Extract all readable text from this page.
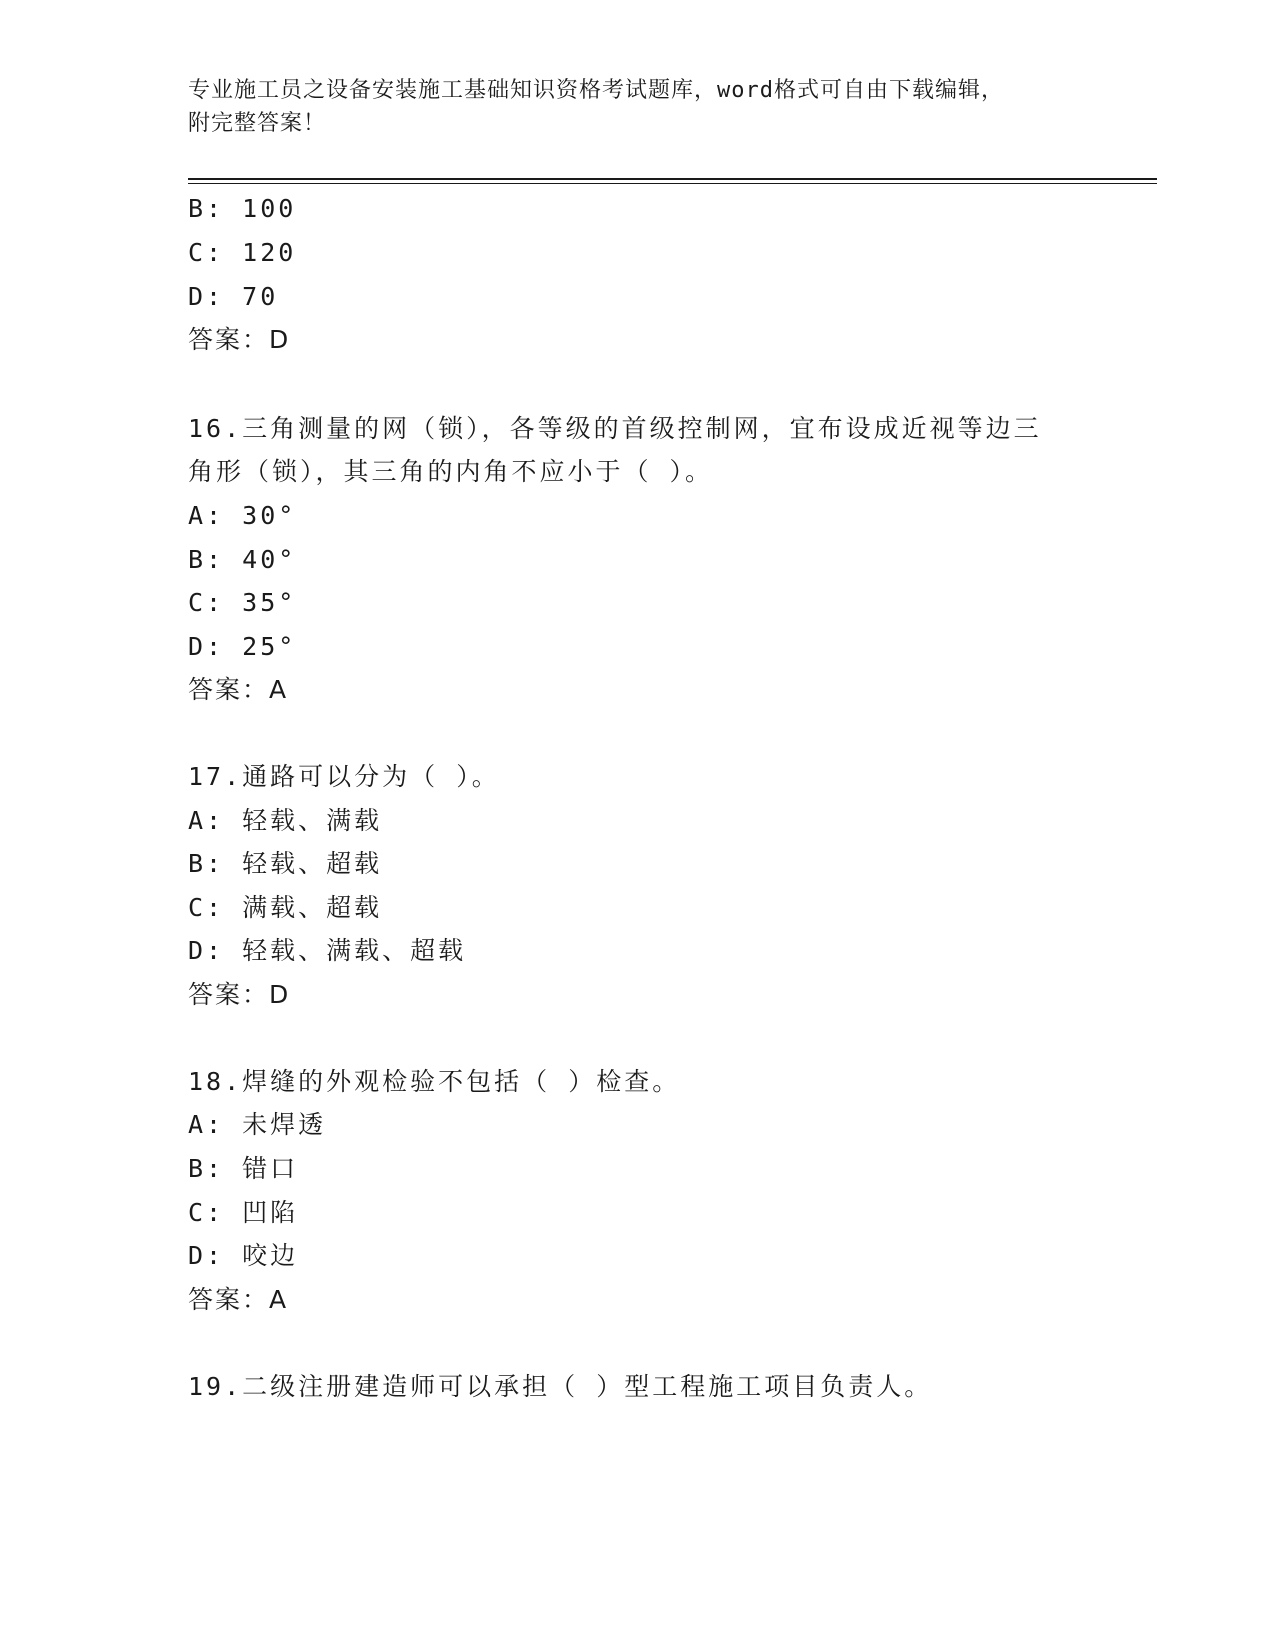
专业施工员之设备安装施工基础知识资格考试题库，word格式可自由下载编辑，
附完整答案！
B: 100
C: 120
D: 70
答案：D
16.三角测量的网（锁），各等级的首级控制网，宜布设成近视等边三
角形（锁），其三角的内角不应小于（ ）。
A: 30°
B: 40°
C: 35°
D: 25°
答案：A
17.通路可以分为（ ）。
A: 轻载、满载
B: 轻载、超载
C: 满载、超载
D: 轻载、满载、超载
答案：D
18.焊缝的外观检验不包括（ ）检查。
A: 未焊透
B: 错口
C: 凹陷
D: 咬边
答案：A
19.二级注册建造师可以承担（ ）型工程施工项目负责人。
